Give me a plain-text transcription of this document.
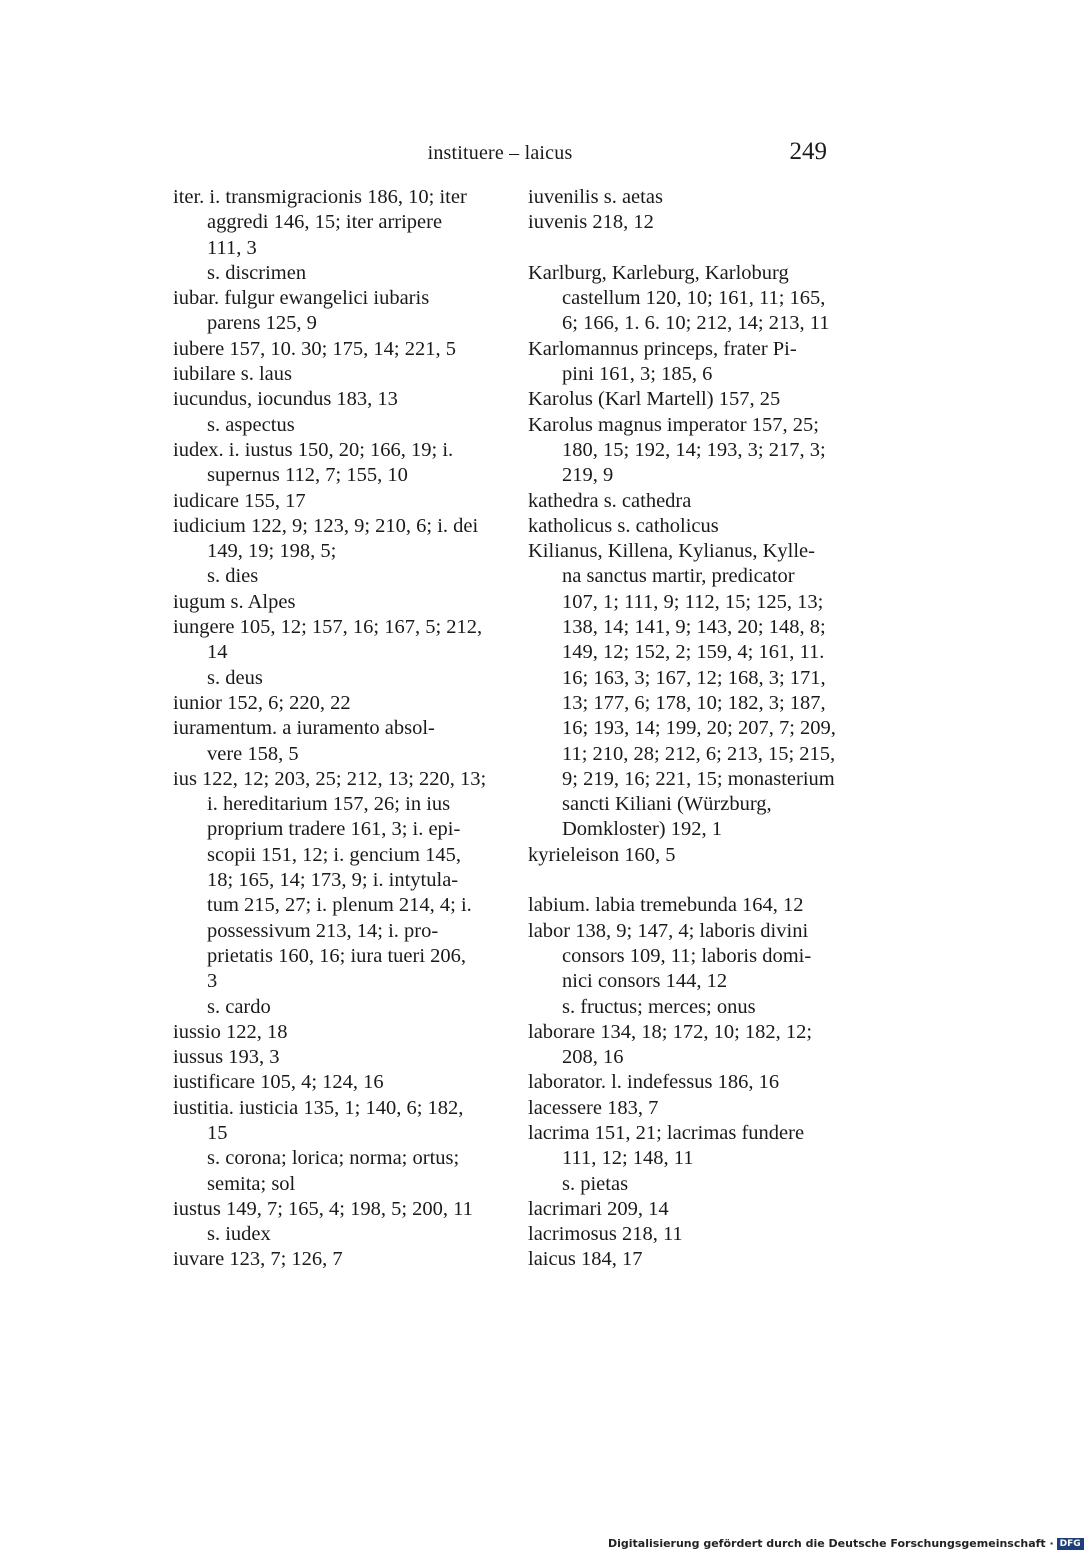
instituere – laicus	249
iter. i. transmigracionis 186, 10; iter
aggredi 146, 15; iter arripere
111, 3
s. discrimen
iubar. fulgur ewangelici iubaris
parens 125, 9
iubere 157, 10. 30; 175, 14; 221, 5
iubilare s. laus
iucundus, iocundus 183, 13
s. aspectus
iudex. i. iustus 150, 20; 166, 19; i.
supernus 112, 7; 155, 10
iudicare 155, 17
iudicium 122, 9; 123, 9; 210, 6; i. dei
149, 19; 198, 5;
s. dies
iugum s. Alpes
iungere 105, 12; 157, 16; 167, 5; 212,
14
s. deus
iunior 152, 6; 220, 22
iuramentum. a iuramento absol-
vere 158, 5
ius 122, 12; 203, 25; 212, 13; 220, 13;
i. hereditarium 157, 26; in ius
proprium tradere 161, 3; i. epi-
scopii 151, 12; i. gencium 145,
18; 165, 14; 173, 9; i. intytula-
tum 215, 27; i. plenum 214, 4; i.
possessivum 213, 14; i. pro-
prietatis 160, 16; iura tueri 206,
3
s. cardo
iussio 122, 18
iussus 193, 3
iustificare 105, 4; 124, 16
iustitia. iusticia 135, 1; 140, 6; 182,
15
s. corona; lorica; norma; ortus;
semita; sol
iustus 149, 7; 165, 4; 198, 5; 200, 11
s. iudex
iuvare 123, 7; 126, 7
iuvenilis s. aetas
iuvenis 218, 12
Karlburg, Karleburg, Karloburg
castellum 120, 10; 161, 11; 165,
6; 166, 1. 6. 10; 212, 14; 213, 11
Karlomannus princeps, frater Pi-
pini 161, 3; 185, 6
Karolus (Karl Martell) 157, 25
Karolus magnus imperator 157, 25;
180, 15; 192, 14; 193, 3; 217, 3;
219, 9
kathedra s. cathedra
katholicus s. catholicus
Kilianus, Killena, Kylianus, Kylle-
na sanctus martir, predicator
107, 1; 111, 9; 112, 15; 125, 13;
138, 14; 141, 9; 143, 20; 148, 8;
149, 12; 152, 2; 159, 4; 161, 11.
16; 163, 3; 167, 12; 168, 3; 171,
13; 177, 6; 178, 10; 182, 3; 187,
16; 193, 14; 199, 20; 207, 7; 209,
11; 210, 28; 212, 6; 213, 15; 215,
9; 219, 16; 221, 15; monasterium
sancti Kiliani (Würzburg,
Domkloster) 192, 1
kyrieleison 160, 5
labium. labia tremebunda 164, 12
labor 138, 9; 147, 4; laboris divini
consors 109, 11; laboris domi-
nici consors 144, 12
s. fructus; merces; onus
laborare 134, 18; 172, 10; 182, 12;
208, 16
laborator. l. indefessus 186, 16
lacessere 183, 7
lacrima 151, 21; lacrimas fundere
111, 12; 148, 11
s. pietas
lacrimari 209, 14
lacrimosus 218, 11
laicus 184, 17
Digitalisierung gefördert durch die Deutsche Forschungsgemeinschaft · DFG
